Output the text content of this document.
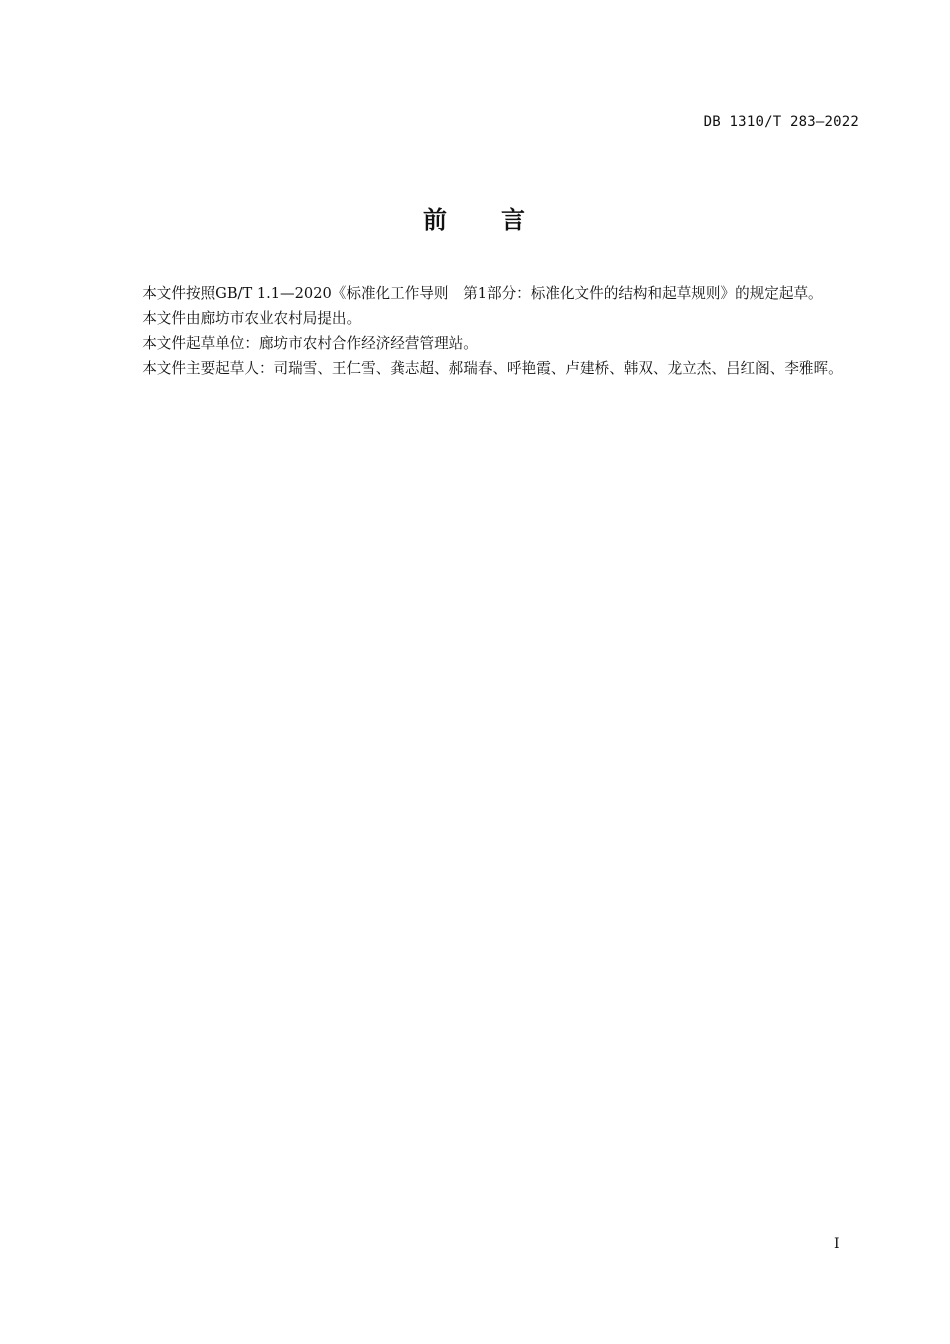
DB 1310/T 283—2022
前　　言

本文件按照GB/T 1.1—2020《标准化工作导则　第1部分：标准化文件的结构和起草规则》的规定起草。

本文件由廊坊市农业农村局提出。

本文件起草单位：廊坊市农村合作经济经营管理站。

本文件主要起草人：司瑞雪、王仁雪、龚志超、郝瑞春、呼艳霞、卢建桥、韩双、龙立杰、吕红阁、李雅晖。

I
